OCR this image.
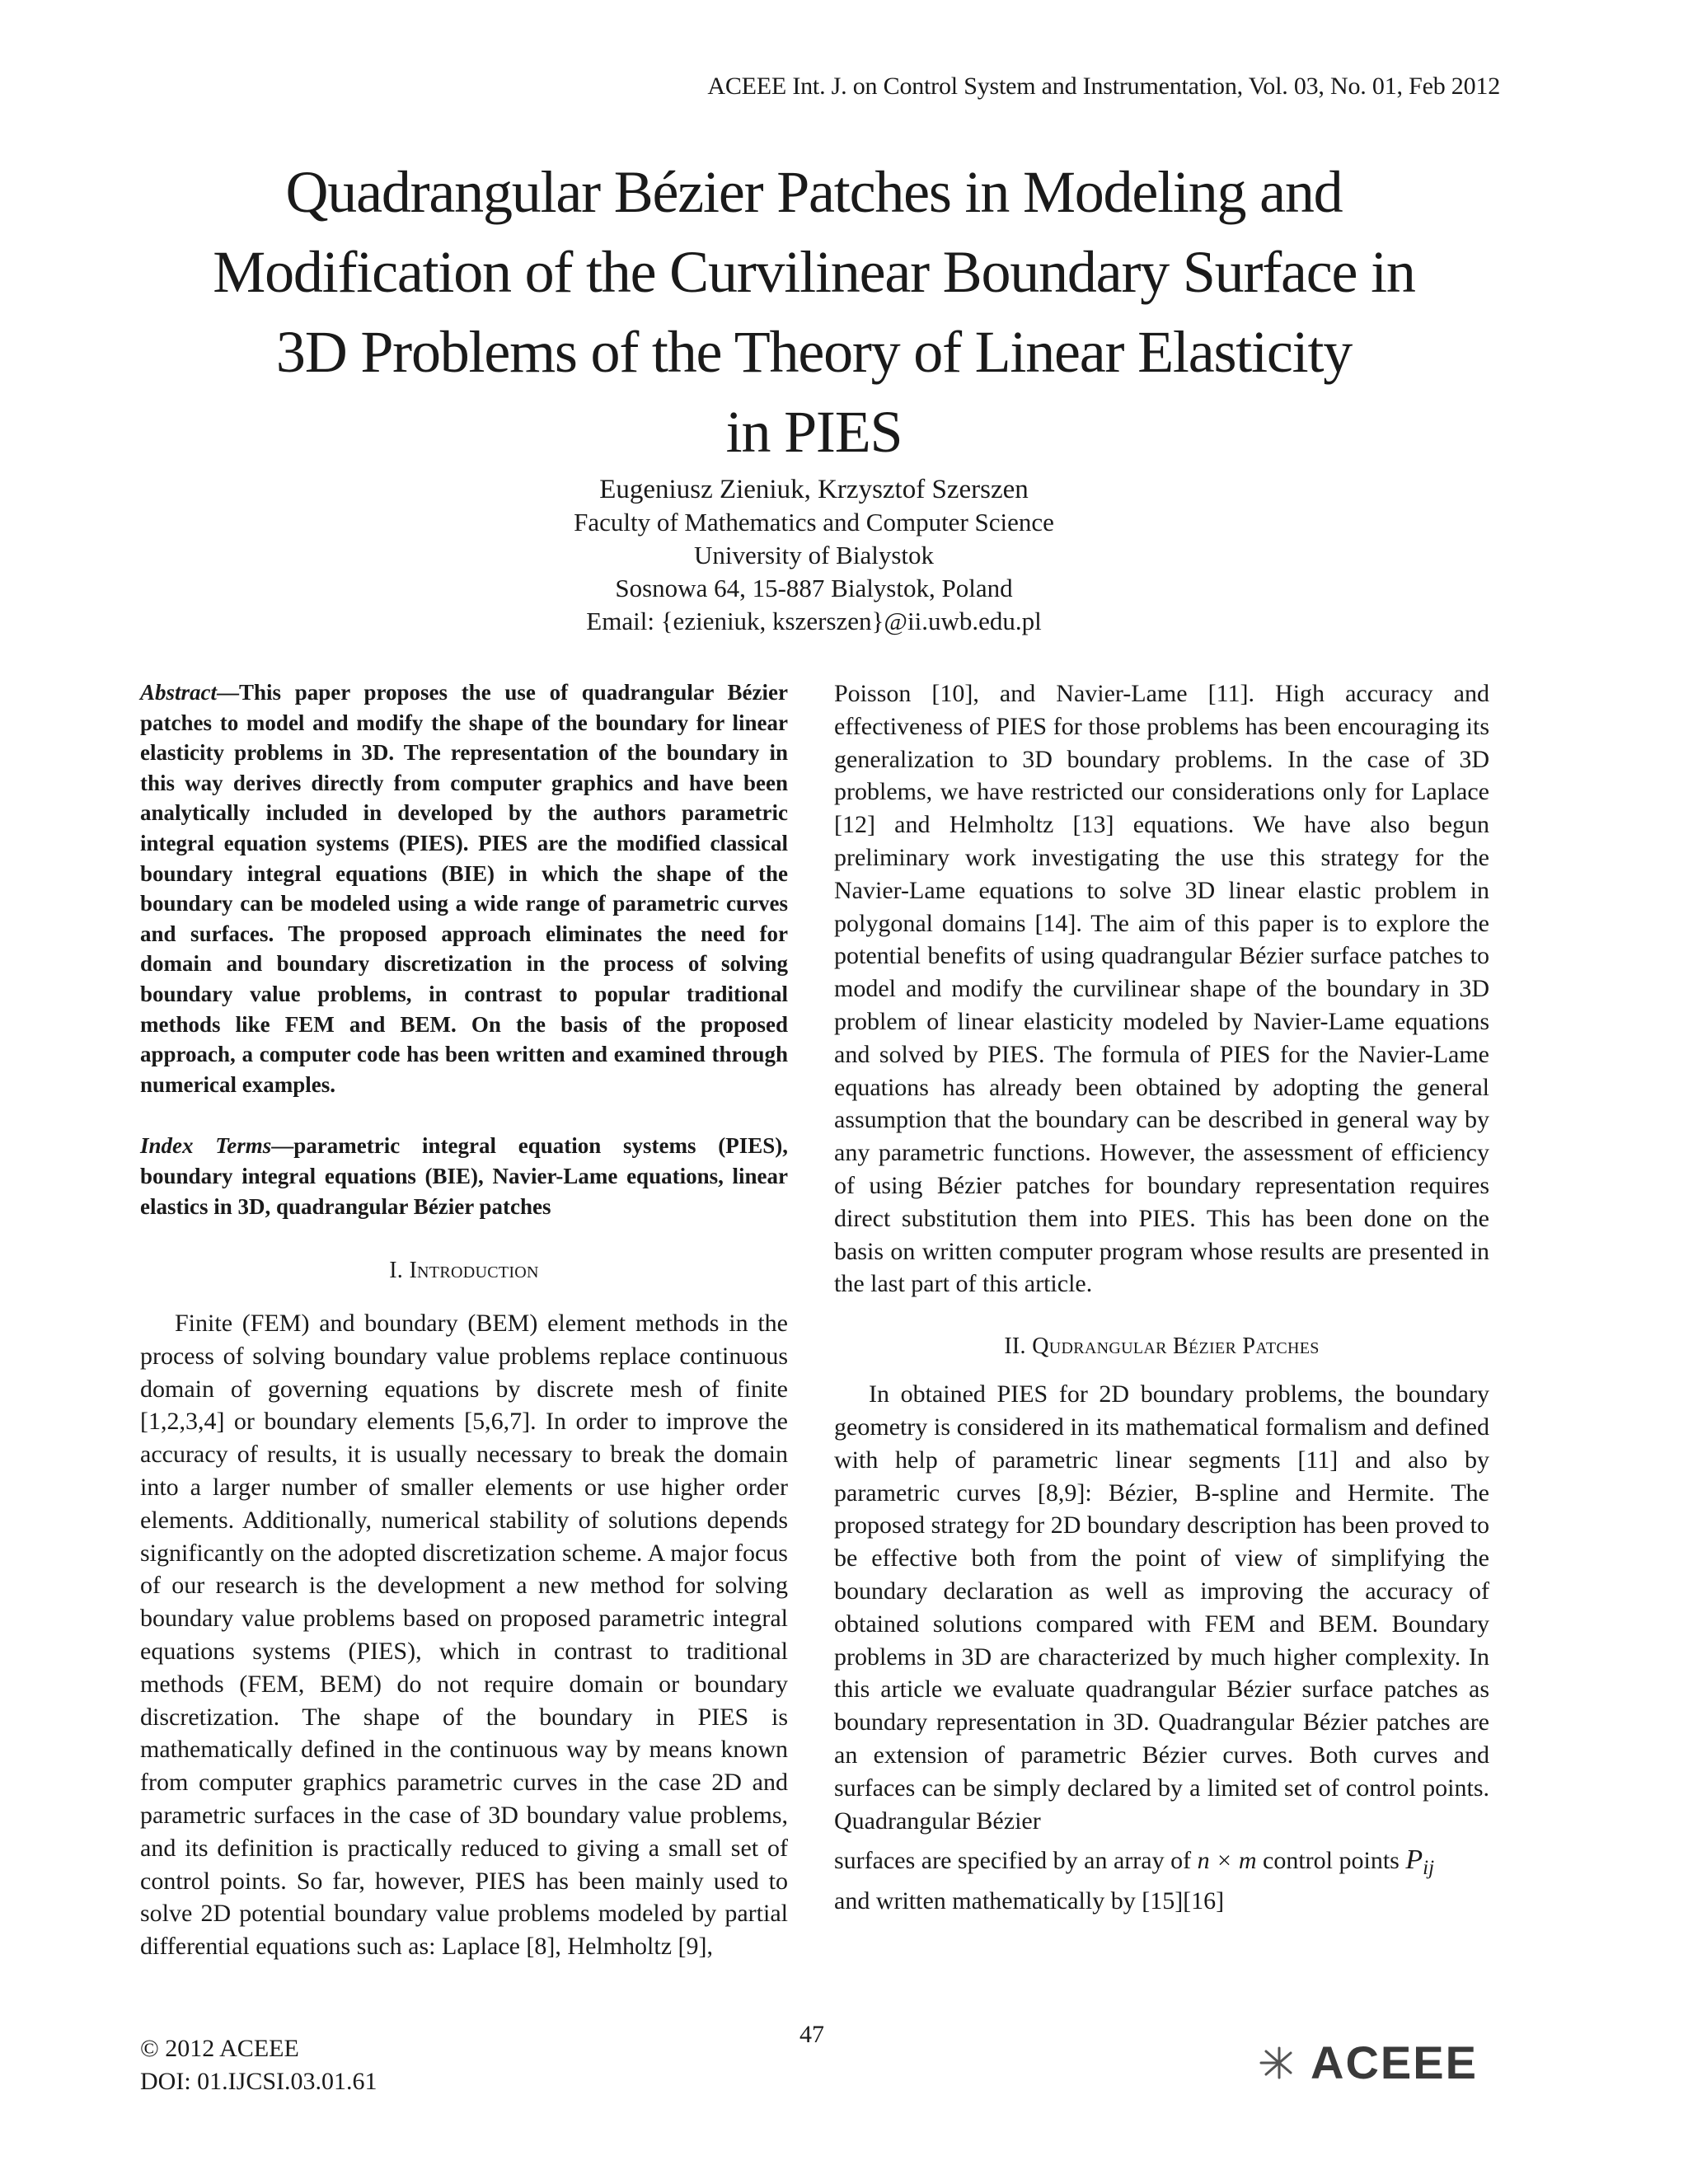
ACEEE Int. J. on Control System and Instrumentation, Vol. 03, No. 01, Feb 2012
Quadrangular Bézier Patches in Modeling and
Modification of the Curvilinear Boundary Surface in
3D Problems of the Theory of Linear Elasticity
in PIES
Eugeniusz Zieniuk, Krzysztof Szerszen
Faculty of Mathematics and Computer Science
University of Bialystok
Sosnowa 64, 15-887 Bialystok, Poland
Email: {ezieniuk, kszerszen}@ii.uwb.edu.pl

Abstract—This paper proposes the use of quadrangular Bézier patches to model and modify the shape of the boundary for linear elasticity problems in 3D. The representation of the boundary in this way derives directly from computer graphics and have been analytically included in developed by the authors parametric integral equation systems (PIES). PIES are the modified classical boundary integral equations (BIE) in which the shape of the boundary can be modeled using a wide range of parametric curves and surfaces. The proposed approach eliminates the need for domain and boundary discretization in the process of solving boundary value problems, in contrast to popular traditional methods like FEM and BEM. On the basis of the proposed approach, a computer code has been written and examined through numerical examples.

Index Terms—parametric integral equation systems (PIES), boundary integral equations (BIE), Navier-Lame equations, linear elastics in 3D, quadrangular Bézier patches

I. Introduction

Finite (FEM) and boundary (BEM) element methods in the process of solving boundary value problems replace continuous domain of governing equations by discrete mesh of finite [1,2,3,4] or boundary elements [5,6,7]. In order to improve the accuracy of results, it is usually necessary to break the domain into a larger number of smaller elements or use higher order elements. Additionally, numerical stability of solutions depends significantly on the adopted discretization scheme. A major focus of our research is the development a new method for solving boundary value problems based on proposed parametric integral equations systems (PIES), which in contrast to traditional methods (FEM, BEM) do not require domain or boundary discretization. The shape of the boundary in PIES is mathematically defined in the continuous way by means known from computer graphics parametric curves in the case 2D and parametric surfaces in the case of 3D boundary value problems, and its definition is practically reduced to giving a small set of control points. So far, however, PIES has been mainly used to solve 2D potential boundary value problems modeled by partial differential equations such as: Laplace [8], Helmholtz [9],

Poisson [10], and Navier-Lame [11]. High accuracy and effectiveness of PIES for those problems has been encouraging its generalization to 3D boundary problems. In the case of 3D problems, we have restricted our considerations only for Laplace [12] and Helmholtz [13] equations. We have also begun preliminary work investigating the use this strategy for the Navier-Lame equations to solve 3D linear elastic problem in polygonal domains [14]. The aim of this paper is to explore the potential benefits of using quadrangular Bézier surface patches to model and modify the curvilinear shape of the boundary in 3D problem of linear elasticity modeled by Navier-Lame equations and solved by PIES. The formula of PIES for the Navier-Lame equations has already been obtained by adopting the general assumption that the boundary can be described in general way by any parametric functions. However, the assessment of efficiency of using Bézier patches for boundary representation requires direct substitution them into PIES. This has been done on the basis on written computer program whose results are presented in the last part of this article.

II. Qudrangular Bézier Patches

In obtained PIES for 2D boundary problems, the boundary geometry is considered in its mathematical formalism and defined with help of parametric linear segments [11] and also by parametric curves [8,9]: Bézier, B-spline and Hermite. The proposed strategy for 2D boundary description has been proved to be effective both from the point of view of simplifying the boundary declaration as well as improving the accuracy of obtained solutions compared with FEM and BEM. Boundary problems in 3D are characterized by much higher complexity. In this article we evaluate quadrangular Bézier surface patches as boundary representation in 3D. Quadrangular Bézier patches are an extension of parametric Bézier curves. Both curves and surfaces can be simply declared by a limited set of control points. Quadrangular Bézier

surfaces are specified by an array of n × m control points $P_{ij}$

and written mathematically by [15][16]

© 2012 ACEEE
DOI: 01.IJCSI.03.01.61
47
ACEEE
